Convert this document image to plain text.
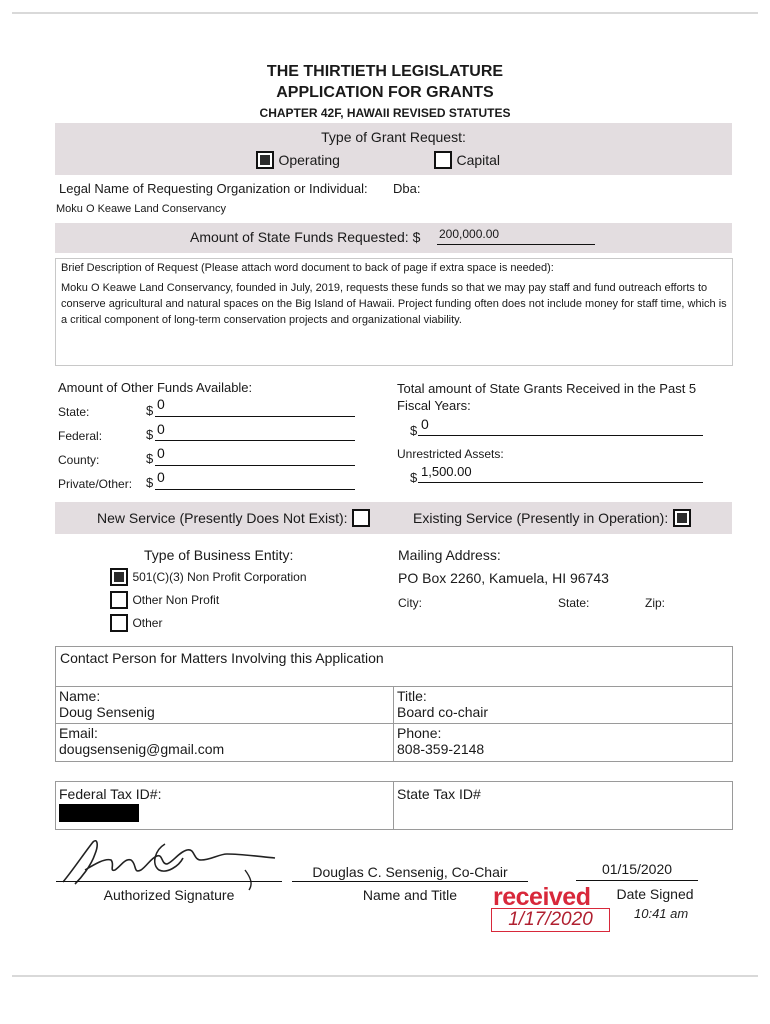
THE THIRTIETH LEGISLATURE
APPLICATION FOR GRANTS
CHAPTER 42F, HAWAII REVISED STATUTES
Type of Grant Request:
Operating	Capital
Legal Name of Requesting Organization or Individual: Dba:
Moku O Keawe Land Conservancy
Amount of State Funds Requested: $ 200,000.00
Brief Description of Request (Please attach word document to back of page if extra space is needed):
Moku O Keawe Land Conservancy, founded in July, 2019, requests these funds so that we may pay staff and fund outreach efforts to conserve agricultural and natural spaces on the Big Island of Hawaii. Project funding often does not include money for staff time, which is a critical component of long-term conservation projects and organizational viability.
Amount of Other Funds Available:
State:	$ 0
Federal:	$ 0
County:	$ 0
Private/Other: $ 0
Total amount of State Grants Received in the Past 5 Fiscal Years:
$ 0
Unrestricted Assets:
$ 1,500.00
New Service (Presently Does Not Exist):	Existing Service (Presently in Operation):
Type of Business Entity:
501(C)(3) Non Profit Corporation
Other Non Profit
Other
Mailing Address:
PO Box 2260, Kamuela, HI 96743
City:	State:	Zip:
Contact Person for Matters Involving this Application
Name:
Doug Sensenig
Title:
Board co-chair
Email:
dougsensenig@gmail.com
Phone:
808-359-2148
Federal Tax ID#:	State Tax ID#
Authorized Signature
Douglas C. Sensenig, Co-Chair
Name and Title
01/15/2020
Date Signed
received
1/17/2020	10:41 am
